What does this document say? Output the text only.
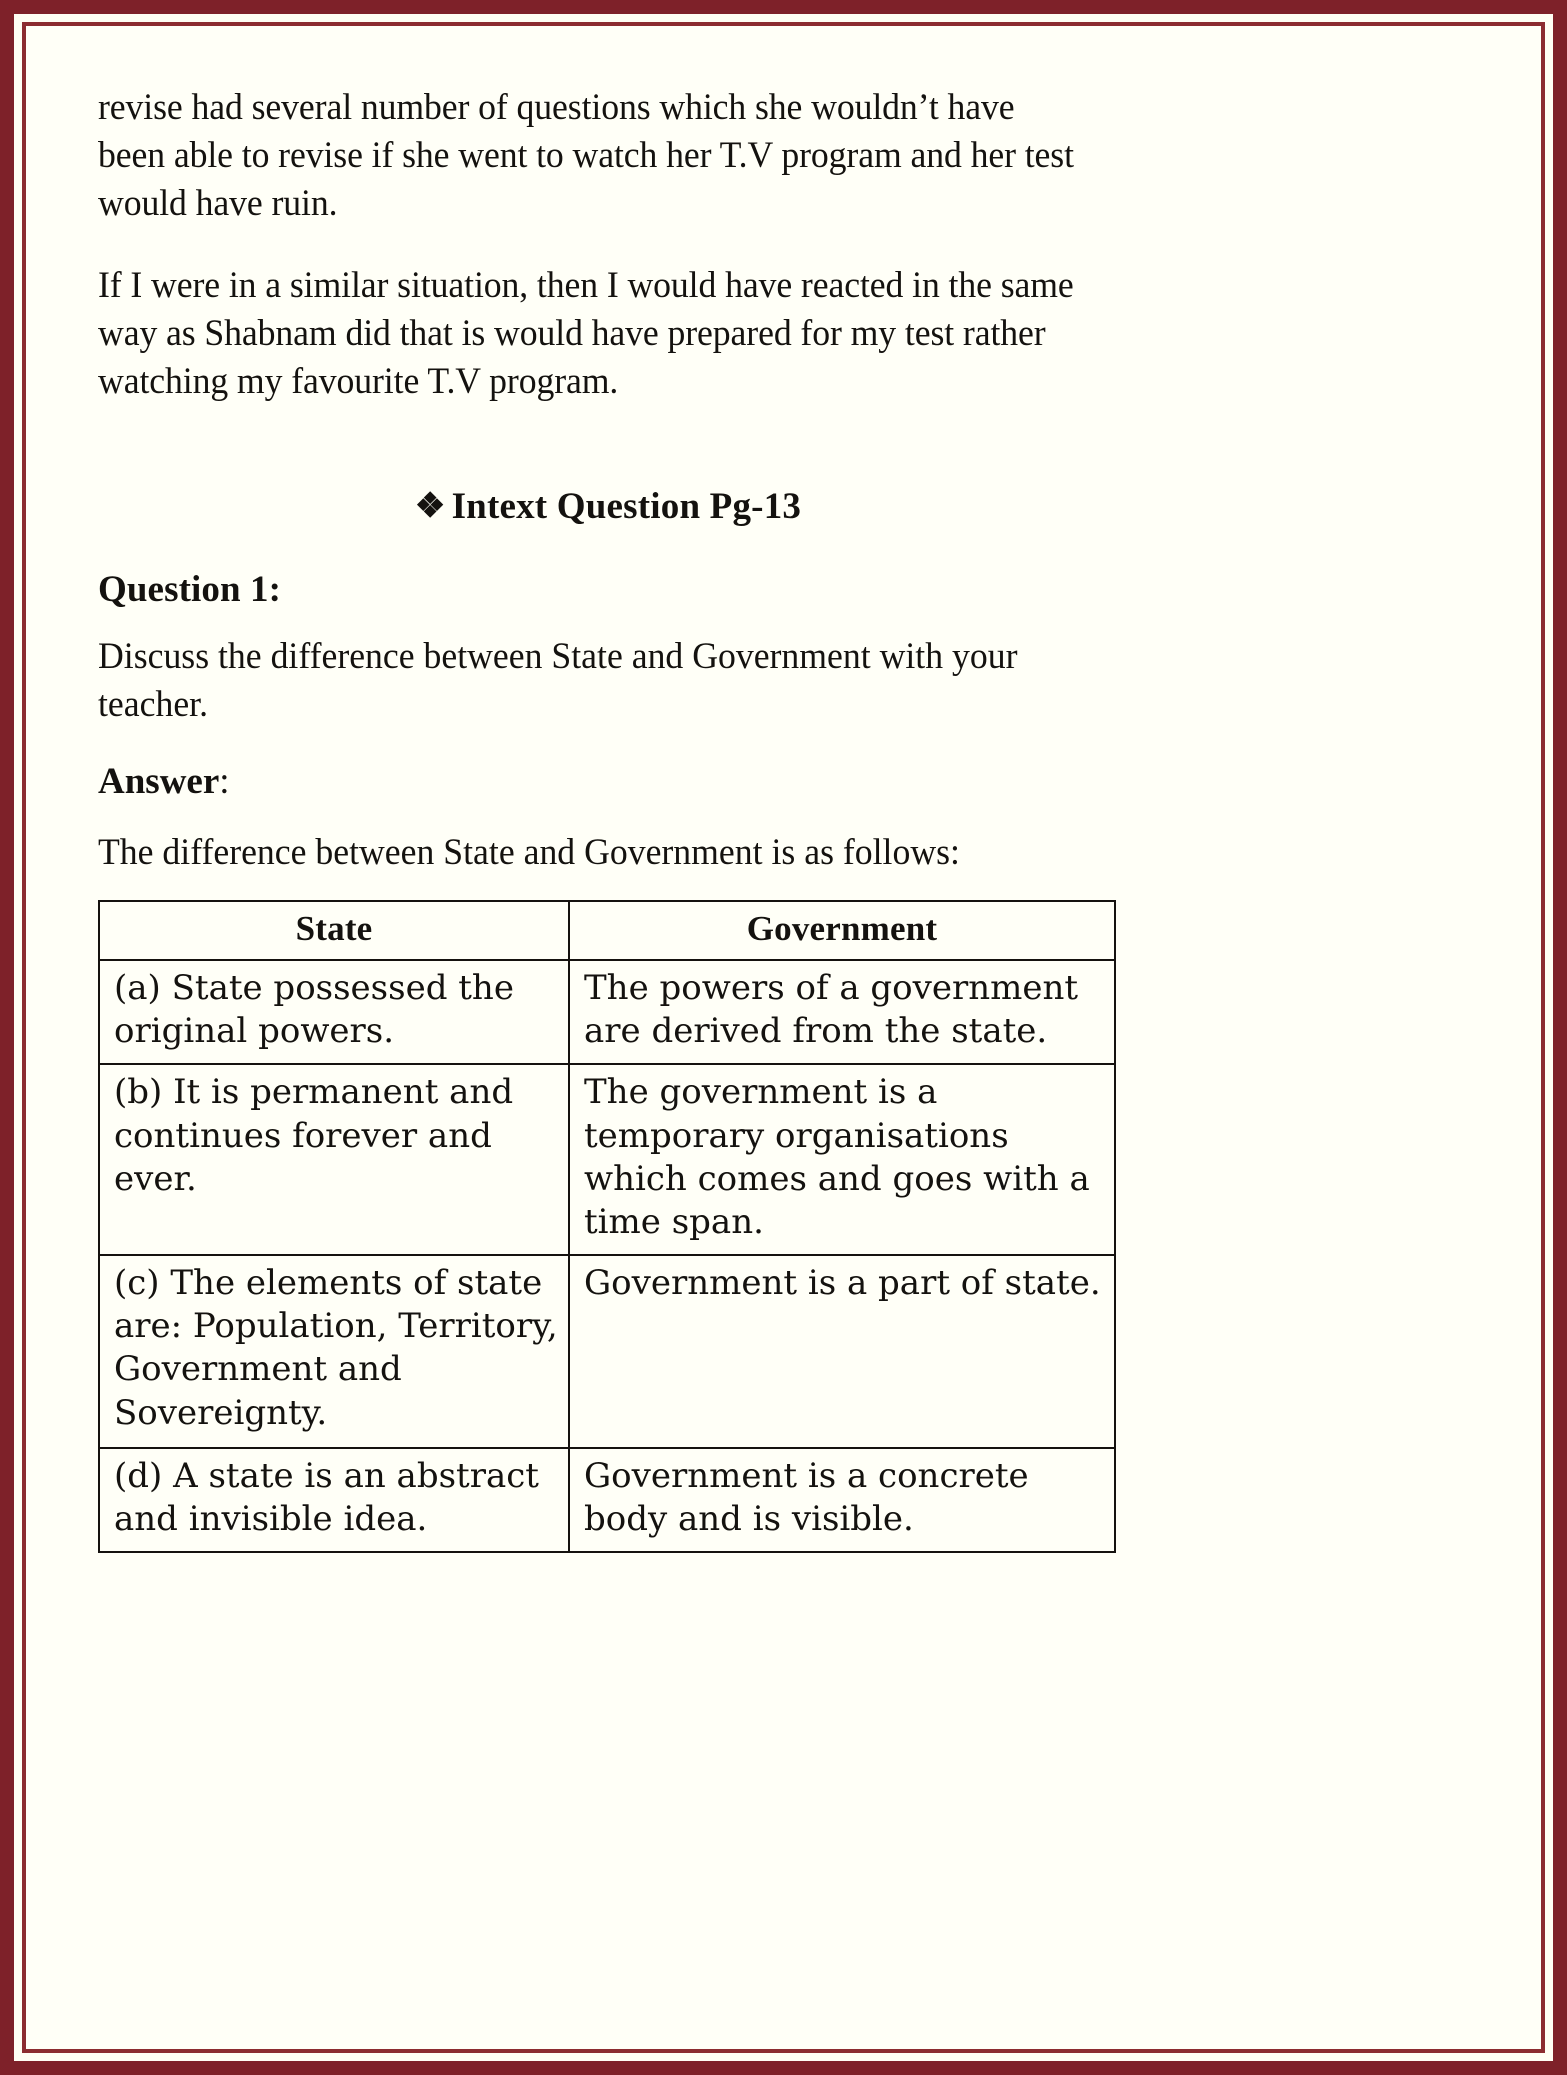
revise had several number of questions which she wouldn’t have been able to revise if she went to watch her T.V program and her test would have ruin.

If I were in a similar situation, then I would have reacted in the same way as Shabnam did that is would have prepared for my test rather watching my favourite T.V program.

❖ Intext Question Pg-13
Question 1:

Discuss the difference between State and Government with your teacher.

Answer:

The difference between State and Government is as follows:

State	Government
(a) State possessed the original powers.	The powers of a government are derived from the state.
(b) It is permanent and continues forever and ever.	The government is a temporary organisations which comes and goes with a time span.
(c) The elements of state are: Population, Territory, Government and Sovereignty.	Government is a part of state.
(d) A state is an abstract and invisible idea.	Government is a concrete body and is visible.
